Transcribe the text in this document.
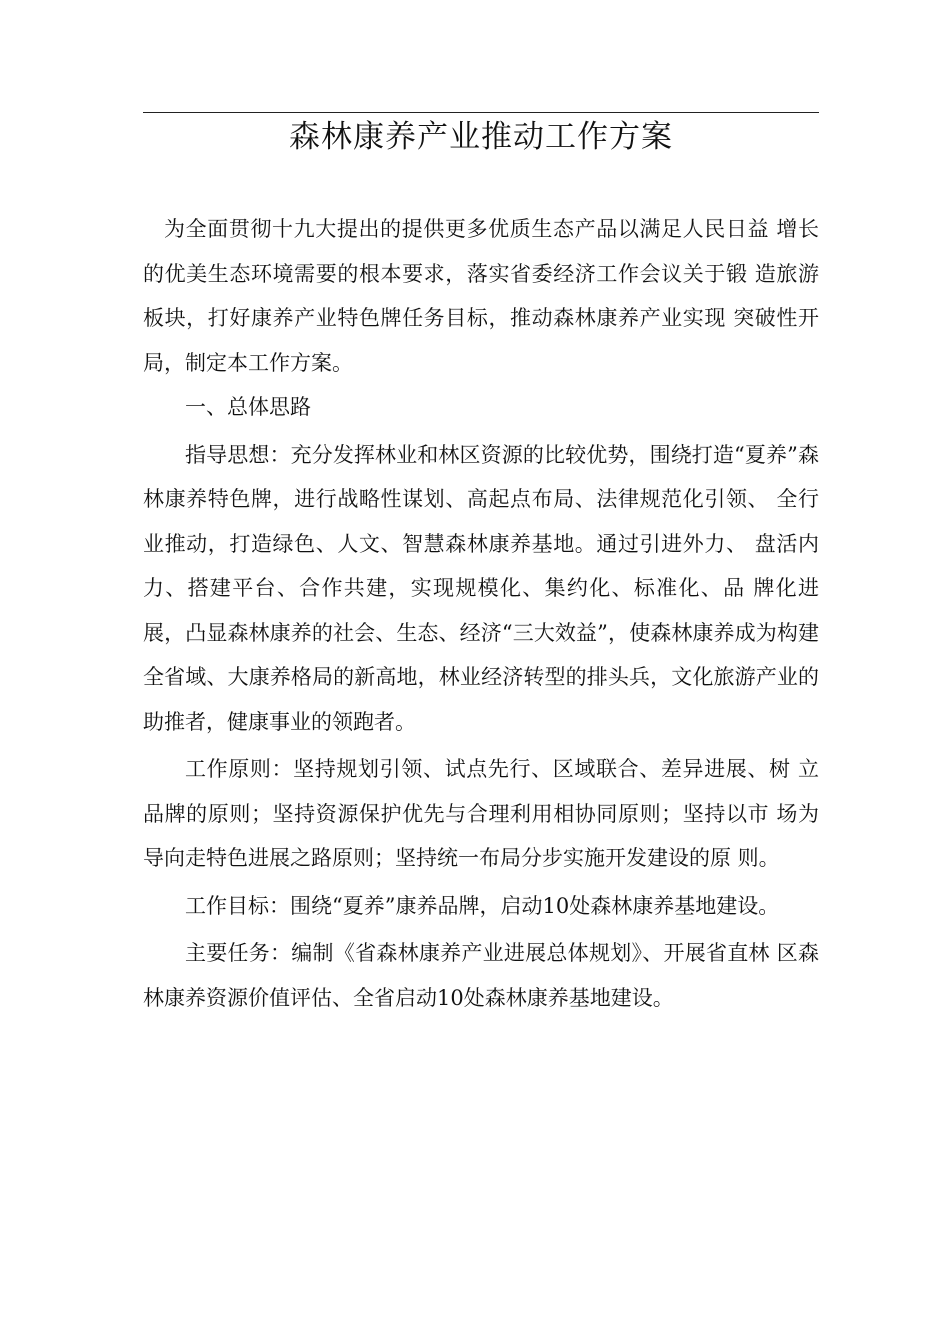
森林康养产业推动工作方案

为全面贯彻十九大提出的提供更多优质生态产品以满足人民日益 增长的优美生态环境需要的根本要求，落实省委经济工作会议关于锻 造旅游板块，打好康养产业特色牌任务目标，推动森林康养产业实现 突破性开局，制定本工作方案。

一、总体思路

指导思想：充分发挥林业和林区资源的比较优势，围绕打造“夏养”森林康养特色牌，进行战略性谋划、高起点布局、法律规范化引领、 全行业推动，打造绿色、人文、智慧森林康养基地。通过引进外力、 盘活内力、搭建平台、合作共建，实现规模化、集约化、标准化、品 牌化进展，凸显森林康养的社会、生态、经济“三大效益”，使森林康养成为构建全省域、大康养格局的新高地，林业经济转型的排头兵，文化旅游产业的助推者，健康事业的领跑者。

工作原则：坚持规划引领、试点先行、区域联合、差异进展、树 立品牌的原则；坚持资源保护优先与合理利用相协同原则；坚持以市 场为导向走特色进展之路原则；坚持统一布局分步实施开发建设的原 则。

工作目标：围绕“夏养”康养品牌，启动10处森林康养基地建设。

主要任务：编制《省森林康养产业进展总体规划》、开展省直林 区森林康养资源价值评估、全省启动10处森林康养基地建设。
